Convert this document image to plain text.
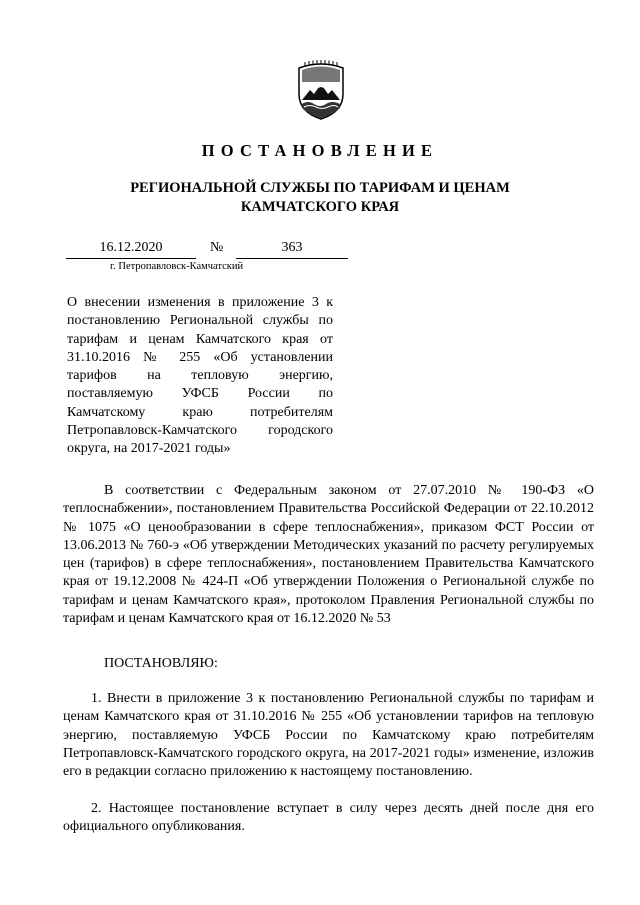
ПОСТАНОВЛЕНИЕ
РЕГИОНАЛЬНОЙ СЛУЖБЫ ПО ТАРИФАМ И ЦЕНАМ
КАМЧАТСКОГО КРАЯ
16.12.2020	№	363
г. Петропавловск-Камчатский
О внесении изменения в приложение 3 к
постановлению Региональной службы по
тарифам и ценам Камчатского края от
31.10.2016 № 255 «Об установлении
тарифов на тепловую энергию,
поставляемую УФСБ России по
Камчатскому краю потребителям
Петропавловск-Камчатского городского
округа, на 2017-2021 годы»
В соответствии с Федеральным законом от 27.07.2010 № 190-ФЗ «О теплоснабжении», постановлением Правительства Российской Федерации от 22.10.2012 № 1075 «О ценообразовании в сфере теплоснабжения», приказом ФСТ России от 13.06.2013 № 760-э «Об утверждении Методических указаний по расчету регулируемых цен (тарифов) в сфере теплоснабжения», постановлением Правительства Камчатского края от 19.12.2008 № 424-П «Об утверждении Положения о Региональной службе по тарифам и ценам Камчатского края», протоколом Правления Региональной службы по тарифам и ценам Камчатского края от 16.12.2020 № 53
ПОСТАНОВЛЯЮ:
1. Внести в приложение 3 к постановлению Региональной службы по тарифам и ценам Камчатского края от 31.10.2016 № 255 «Об установлении тарифов на тепловую энергию, поставляемую УФСБ России по Камчатскому краю потребителям Петропавловск-Камчатского городского округа, на 2017-2021 годы» изменение, изложив его в редакции согласно приложению к настоящему постановлению.
2. Настоящее постановление вступает в силу через десять дней после дня его официального опубликования.
